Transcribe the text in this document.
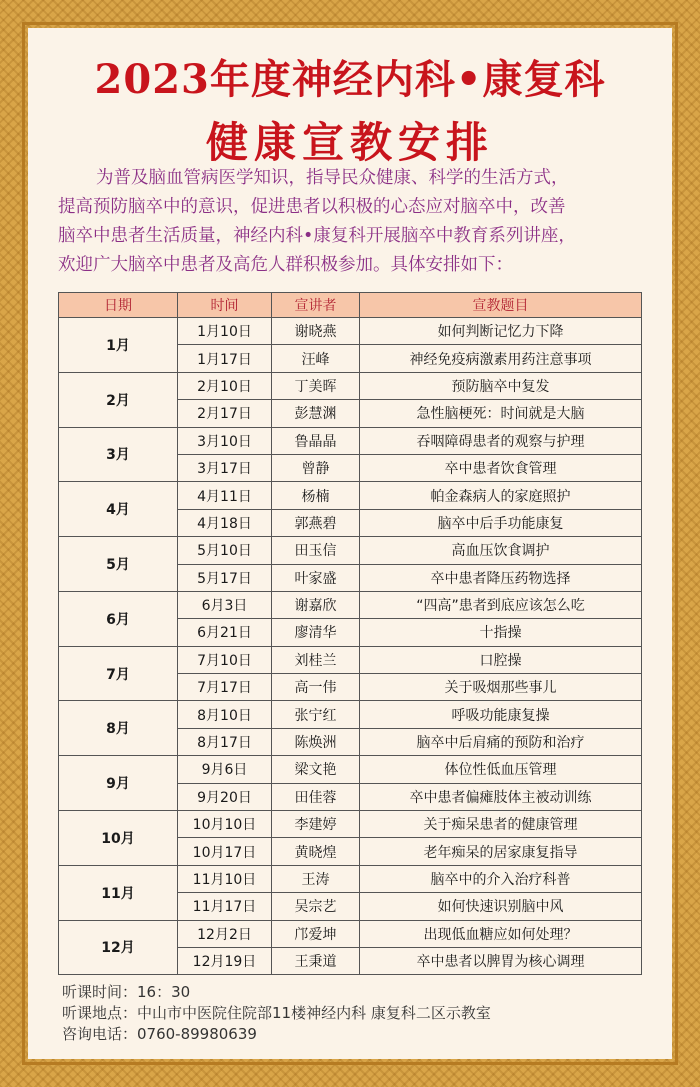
2023年度神经内科•康复科
健康宣教安排
为普及脑血管病医学知识，指导民众健康、科学的生活方式，
提高预防脑卒中的意识，促进患者以积极的心态应对脑卒中，改善
脑卒中患者生活质量，神经内科•康复科开展脑卒中教育系列讲座，
欢迎广大脑卒中患者及高危人群积极参加。具体安排如下：
日期	时间	宣讲者	宣教题目
1月	1月10日	谢晓燕	如何判断记忆力下降
	1月17日	汪峰	神经免疫病激素用药注意事项
2月	2月10日	丁美晖	预防脑卒中复发
	2月17日	彭慧渊	急性脑梗死：时间就是大脑
3月	3月10日	鲁晶晶	吞咽障碍患者的观察与护理
	3月17日	曾静	卒中患者饮食管理
4月	4月11日	杨楠	帕金森病人的家庭照护
	4月18日	郭燕碧	脑卒中后手功能康复
5月	5月10日	田玉信	高血压饮食调护
	5月17日	叶家盛	卒中患者降压药物选择
6月	6月3日	谢嘉欣	“四高”患者到底应该怎么吃
	6月21日	廖清华	十指操
7月	7月10日	刘桂兰	口腔操
	7月17日	高一伟	关于吸烟那些事儿
8月	8月10日	张宁红	呼吸功能康复操
	8月17日	陈焕洲	脑卒中后肩痛的预防和治疗
9月	9月6日	梁文艳	体位性低血压管理
	9月20日	田佳蓉	卒中患者偏瘫肢体主被动训练
10月	10月10日	李建婷	关于痴呆患者的健康管理
	10月17日	黄晓煌	老年痴呆的居家康复指导
11月	11月10日	王涛	脑卒中的介入治疗科普
	11月17日	吴宗艺	如何快速识别脑中风
12月	12月2日	邝爱坤	出现低血糖应如何处理？
	12月19日	王秉道	卒中患者以脾胃为核心调理
听课时间：16：30
听课地点：中山市中医院住院部11楼神经内科 康复科二区示教室
咨询电话：0760-89980639
